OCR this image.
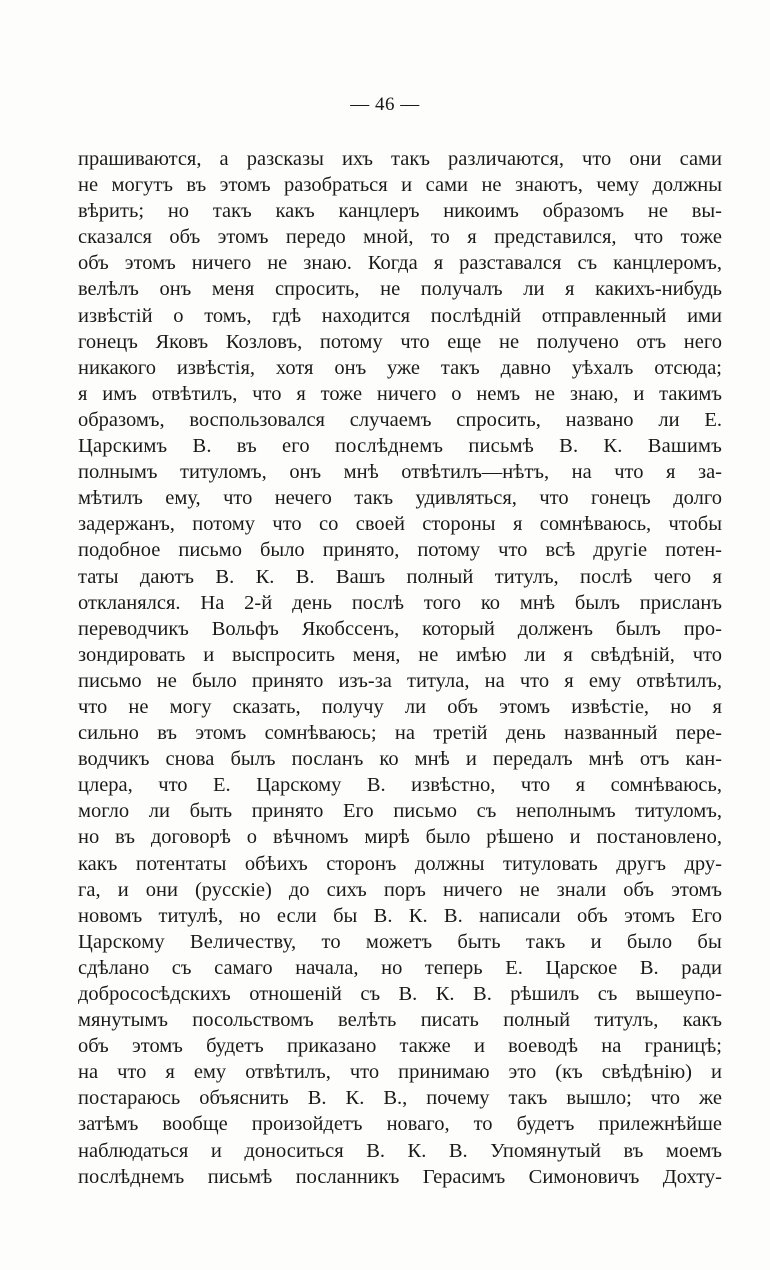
— 46 —
прашиваются, а разсказы ихъ такъ различаются, что они сами
не могутъ въ этомъ разобраться и сами не знаютъ, чему должны
вѣрить; но такъ какъ канцлеръ никоимъ образомъ не вы-
сказался объ этомъ передо мной, то я представился, что тоже
объ этомъ ничего не знаю. Когда я разставался съ канцлеромъ,
велѣлъ онъ меня спросить, не получалъ ли я какихъ-нибудь
извѣстій о томъ, гдѣ находится послѣдній отправленный ими
гонецъ Яковъ Козловъ, потому что еще не получено отъ него
никакого извѣстія, хотя онъ уже такъ давно уѣхалъ отсюда;
я имъ отвѣтилъ, что я тоже ничего о немъ не знаю, и такимъ
образомъ, воспользовался случаемъ спросить, названо ли Е.
Царскимъ В. въ его послѣднемъ письмѣ В. К. Вашимъ
полнымъ титуломъ, онъ мнѣ отвѣтилъ—нѣтъ, на что я за-
мѣтилъ ему, что нечего такъ удивляться, что гонецъ долго
задержанъ, потому что со своей стороны я сомнѣваюсь, чтобы
подобное письмо было принято, потому что всѣ другіе потен-
таты даютъ В. К. В. Вашъ полный титулъ, послѣ чего я
откланялся. На 2-й день послѣ того ко мнѣ былъ присланъ
переводчикъ Вольфъ Якобссенъ, который долженъ былъ про-
зондировать и выспросить меня, не имѣю ли я свѣдѣній, что
письмо не было принято изъ-за титула, на что я ему отвѣтилъ,
что не могу сказать, получу ли объ этомъ извѣстіе, но я
сильно въ этомъ сомнѣваюсь; на третій день названный пере-
водчикъ снова былъ посланъ ко мнѣ и передалъ мнѣ отъ кан-
цлера, что Е. Царскому В. извѣстно, что я сомнѣваюсь,
могло ли быть принято Его письмо съ неполнымъ титуломъ,
но въ договорѣ о вѣчномъ мирѣ было рѣшено и постановлено,
какъ потентаты обѣихъ сторонъ должны титуловать другъ дру-
га, и они (русскіе) до сихъ поръ ничего не знали объ этомъ
новомъ титулѣ, но если бы В. К. В. написали объ этомъ Его
Царскому Величеству, то можетъ быть такъ и было бы
сдѣлано съ самаго начала, но теперь Е. Царское В. ради
добрососѣдскихъ отношеній съ В. К. В. рѣшилъ съ вышеупо-
мянутымъ посольствомъ велѣть писать полный титулъ, какъ
объ этомъ будетъ приказано также и воеводѣ на границѣ;
на что я ему отвѣтилъ, что принимаю это (къ свѣдѣнію) и
постараюсь объяснить В. К. В., почему такъ вышло; что же
затѣмъ вообще произойдетъ новаго, то будетъ прилежнѣйше
наблюдаться и доноситься В. К. В. Упомянутый въ моемъ
послѣднемъ письмѣ посланникъ Герасимъ Симоновичъ Дохту-
